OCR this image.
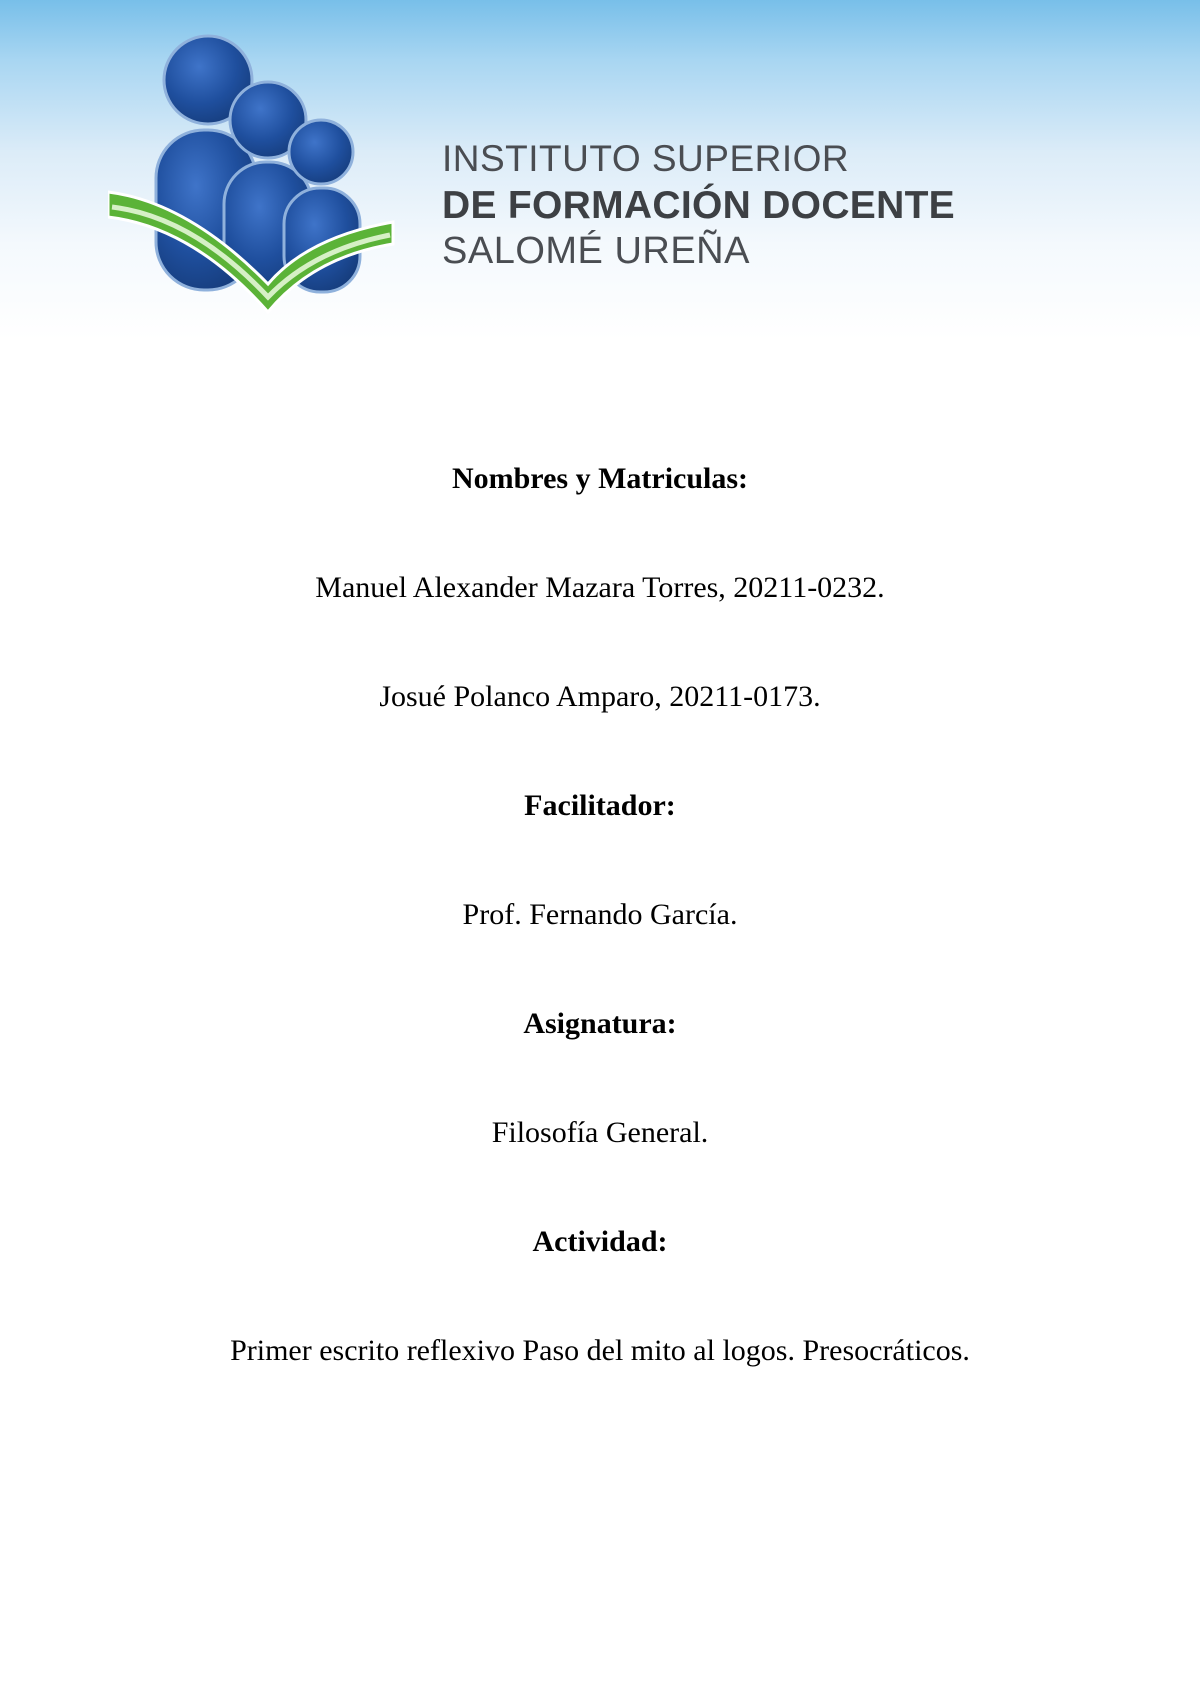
INSTITUTO SUPERIOR
DE FORMACIÓN DOCENTE
SALOMÉ UREÑA
Nombres y Matriculas:
Manuel Alexander Mazara Torres, 20211-0232.
Josué Polanco Amparo, 20211-0173.
Facilitador:
Prof. Fernando García.
Asignatura:
Filosofía General.
Actividad:
Primer escrito reflexivo Paso del mito al logos. Presocráticos.
